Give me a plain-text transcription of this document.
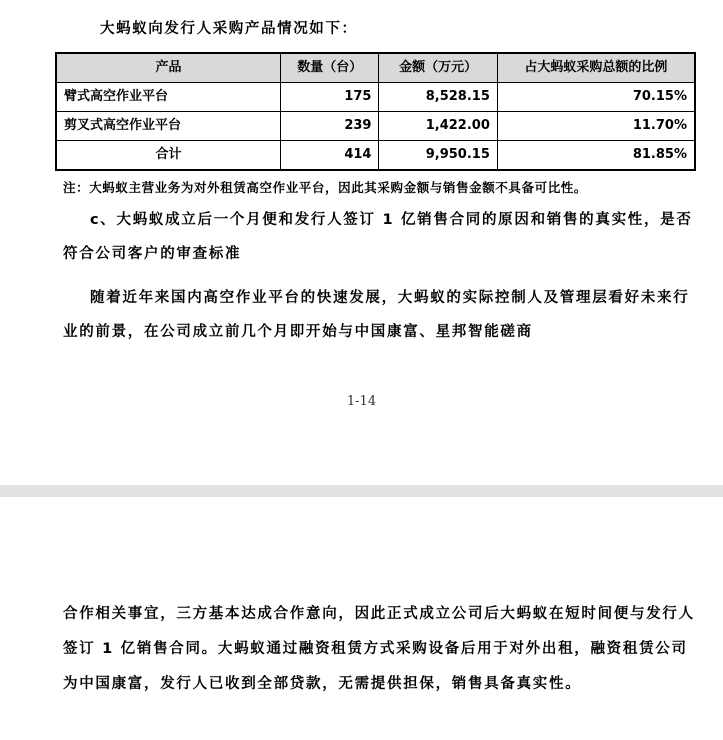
大蚂蚁向发行人采购产品情况如下：
产品	数量（台）	金额（万元）	占大蚂蚁采购总额的比例
臂式高空作业平台	175	8,528.15	70.15%
剪叉式高空作业平台	239	1,422.00	11.70%
合计	414	9,950.15	81.85%
注：大蚂蚁主营业务为对外租赁高空作业平台，因此其采购金额与销售金额不具备可比性。
c、大蚂蚁成立后一个月便和发行人签订 1 亿销售合同的原因和销售的真实性，是否符合公司客户的审查标准
随着近年来国内高空作业平台的快速发展，大蚂蚁的实际控制人及管理层看好未来行业的前景，在公司成立前几个月即开始与中国康富、星邦智能磋商
1-14
合作相关事宜，三方基本达成合作意向，因此正式成立公司后大蚂蚁在短时间便与发行人签订 1 亿销售合同。大蚂蚁通过融资租赁方式采购设备后用于对外出租，融资租赁公司为中国康富，发行人已收到全部贷款，无需提供担保，销售具备真实性。
